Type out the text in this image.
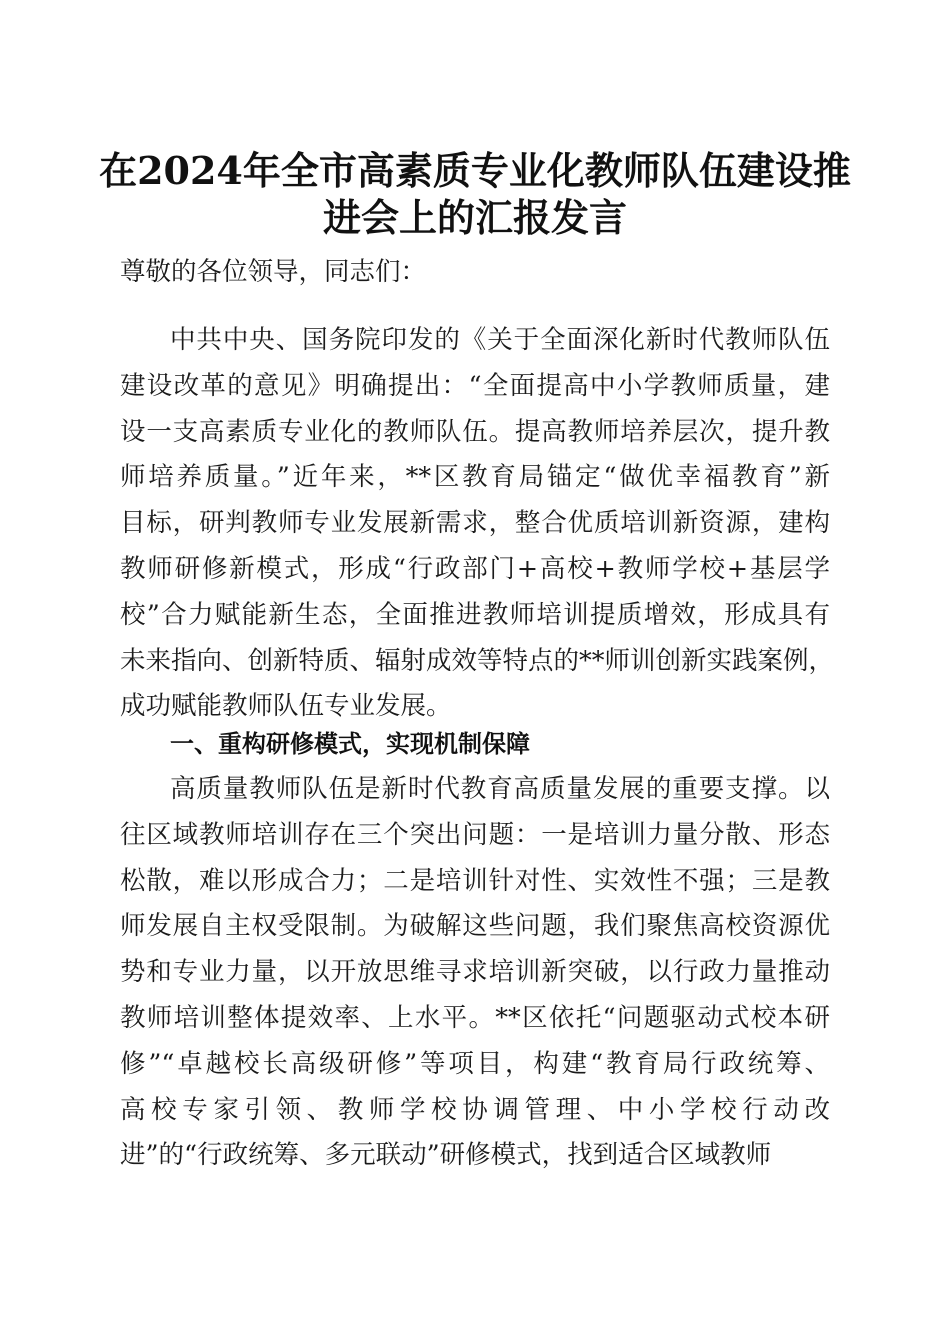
在2024年全市高素质专业化教师队伍建设推
进会上的汇报发言
尊敬的各位领导，同志们：
中共中央、国务院印发的《关于全面深化新时代教师队伍
建设改革的意见》明确提出：“全面提高中小学教师质量，建
设一支高素质专业化的教师队伍。提高教师培养层次，提升教
师培养质量。”近年来，**区教育局锚定“做优幸福教育”新
目标，研判教师专业发展新需求，整合优质培训新资源，建构
教师研修新模式，形成“行政部门+高校+教师学校+基层学
校”合力赋能新生态，全面推进教师培训提质增效，形成具有
未来指向、创新特质、辐射成效等特点的**师训创新实践案例，
成功赋能教师队伍专业发展。
一、重构研修模式，实现机制保障
高质量教师队伍是新时代教育高质量发展的重要支撑。以
往区域教师培训存在三个突出问题：一是培训力量分散、形态
松散，难以形成合力；二是培训针对性、实效性不强；三是教
师发展自主权受限制。为破解这些问题，我们聚焦高校资源优
势和专业力量，以开放思维寻求培训新突破，以行政力量推动
教师培训整体提效率、上水平。**区依托“问题驱动式校本研
修”“卓越校长高级研修”等项目，构建“教育局行政统筹、
高校专家引领、教师学校协调管理、中小学校行动改
进”的“行政统筹、多元联动”研修模式，找到适合区域教师
